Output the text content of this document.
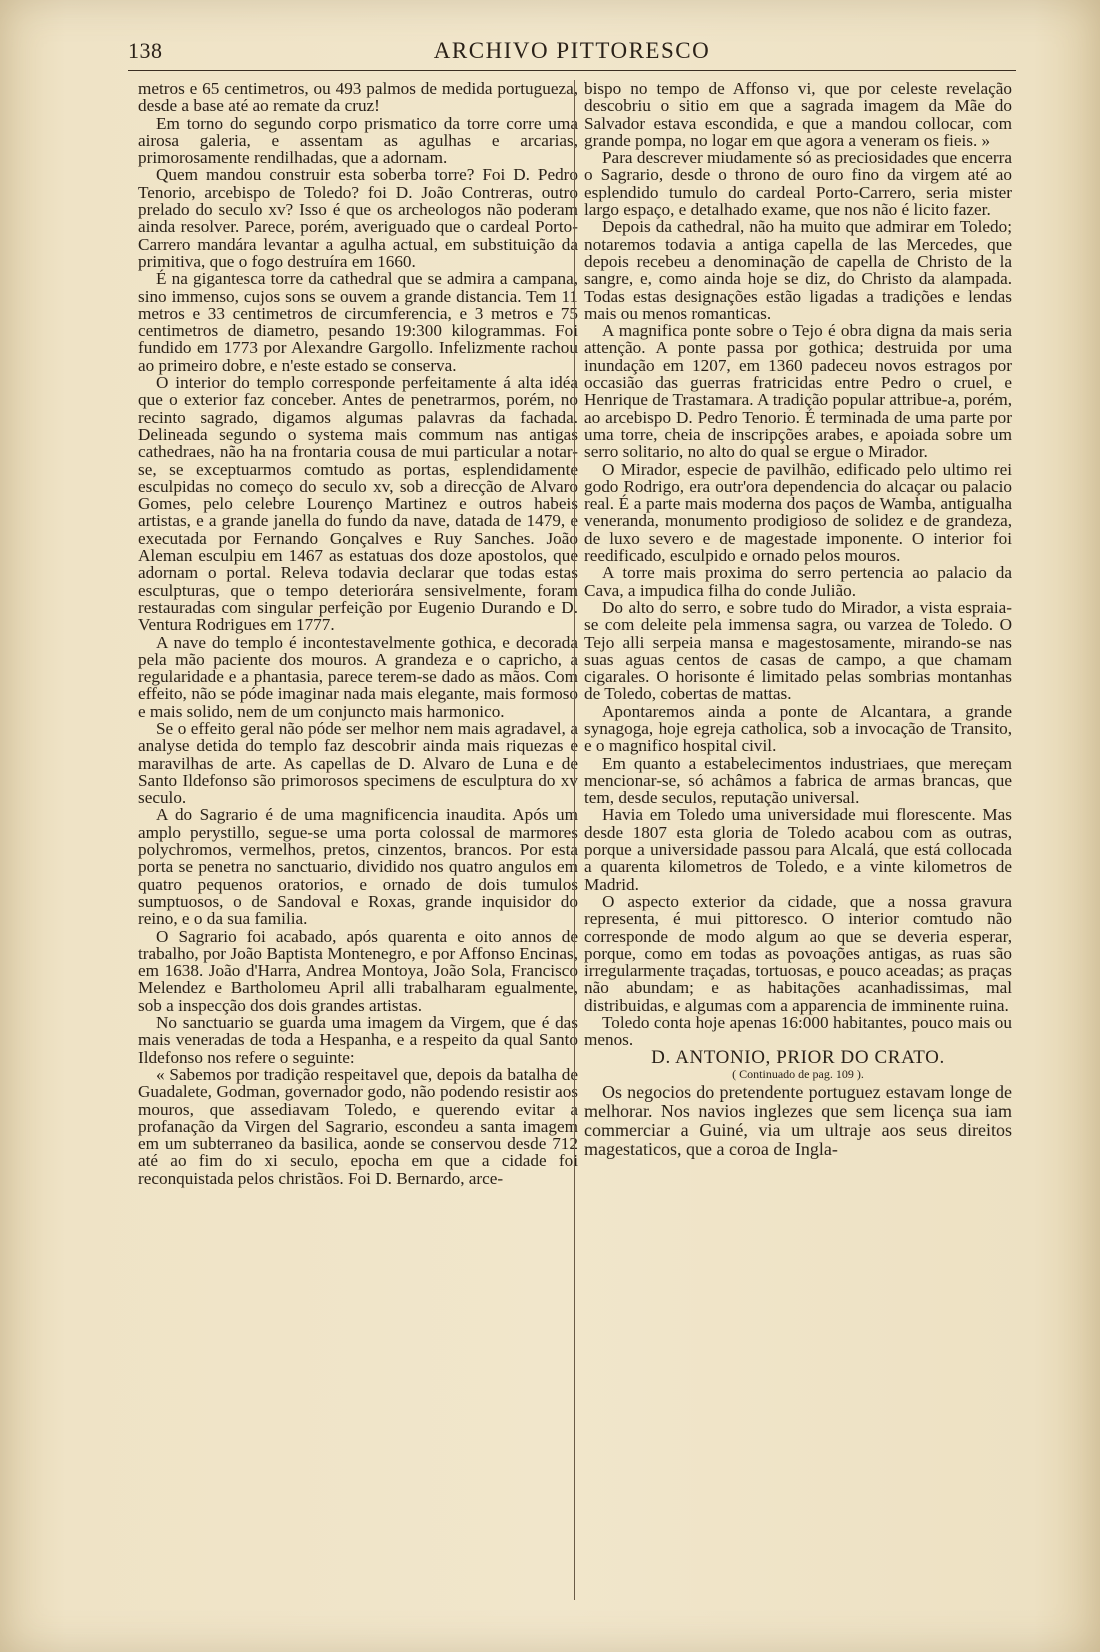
138	ARCHIVO PITTORESCO

metros e 65 centimetros, ou 493 palmos de medida portugueza, desde a base até ao remate da cruz!

Em torno do segundo corpo prismatico da torre corre uma airosa galeria, e assentam as agulhas e arcarias, primorosamente rendilhadas, que a adornam.

Quem mandou construir esta soberba torre? Foi D. Pedro Tenorio, arcebispo de Toledo? foi D. João Contreras, outro prelado do seculo xv? Isso é que os archeologos não poderam ainda resolver. Parece, porém, averiguado que o cardeal Porto-Carrero mandára levantar a agulha actual, em substituição da primitiva, que o fogo destruíra em 1660.

É na gigantesca torre da cathedral que se admira a campana, sino immenso, cujos sons se ouvem a grande distancia. Tem 11 metros e 33 centimetros de circumferencia, e 3 metros e 75 centimetros de diametro, pesando 19:300 kilogrammas. Foi fundido em 1773 por Alexandre Gargollo. Infelizmente rachou ao primeiro dobre, e n'este estado se conserva.

O interior do templo corresponde perfeitamente á alta idéa que o exterior faz conceber. Antes de penetrarmos, porém, no recinto sagrado, digamos algumas palavras da fachada. Delineada segundo o systema mais commum nas antigas cathedraes, não ha na frontaria cousa de mui particular a notar-se, se exceptuarmos comtudo as portas, esplendidamente esculpidas no começo do seculo xv, sob a direcção de Alvaro Gomes, pelo celebre Lourenço Martinez e outros habeis artistas, e a grande janella do fundo da nave, datada de 1479, e executada por Fernando Gonçalves e Ruy Sanches. João Aleman esculpiu em 1467 as estatuas dos doze apostolos, que adornam o portal. Releva todavia declarar que todas estas esculpturas, que o tempo deteriorára sensivelmente, foram restauradas com singular perfeição por Eugenio Durando e D. Ventura Rodrigues em 1777.

A nave do templo é incontestavelmente gothica, e decorada pela mão paciente dos mouros. A grandeza e o capricho, a regularidade e a phantasia, parece terem-se dado as mãos. Com effeito, não se póde imaginar nada mais elegante, mais formoso e mais solido, nem de um conjuncto mais harmonico.

Se o effeito geral não póde ser melhor nem mais agradavel, a analyse detida do templo faz descobrir ainda mais riquezas e maravilhas de arte. As capellas de D. Alvaro de Luna e de Santo Ildefonso são primorosos specimens de esculptura do xv seculo.

A do Sagrario é de uma magnificencia inaudita. Após um amplo perystillo, segue-se uma porta colossal de marmores polychromos, vermelhos, pretos, cinzentos, brancos. Por esta porta se penetra no sanctuario, dividido nos quatro angulos em quatro pequenos oratorios, e ornado de dois tumulos sumptuosos, o de Sandoval e Roxas, grande inquisidor do reino, e o da sua familia.

O Sagrario foi acabado, após quarenta e oito annos de trabalho, por João Baptista Montenegro, e por Affonso Encinas, em 1638. João d'Harra, Andrea Montoya, João Sola, Francisco Melendez e Bartholomeu April alli trabalharam egualmente, sob a inspecção dos dois grandes artistas.

No sanctuario se guarda uma imagem da Virgem, que é das mais veneradas de toda a Hespanha, e a respeito da qual Santo Ildefonso nos refere o seguinte:

« Sabemos por tradição respeitavel que, depois da batalha de Guadalete, Godman, governador godo, não podendo resistir aos mouros, que assediavam Toledo, e querendo evitar a profanação da Virgen del Sagrario, escondeu a santa imagem em um subterraneo da basilica, aonde se conservou desde 712 até ao fim do xi seculo, epocha em que a cidade foi reconquistada pelos christãos. Foi D. Bernardo, arce-

bispo no tempo de Affonso vi, que por celeste revelação descobriu o sitio em que a sagrada imagem da Mãe do Salvador estava escondida, e que a mandou collocar, com grande pompa, no logar em que agora a veneram os fieis. »

Para descrever miudamente só as preciosidades que encerra o Sagrario, desde o throno de ouro fino da virgem até ao esplendido tumulo do cardeal Porto-Carrero, seria mister largo espaço, e detalhado exame, que nos não é licito fazer.

Depois da cathedral, não ha muito que admirar em Toledo; notaremos todavia a antiga capella de las Mercedes, que depois recebeu a denominação de capella de Christo de la sangre, e, como ainda hoje se diz, do Christo da alampada. Todas estas designações estão ligadas a tradições e lendas mais ou menos romanticas.

A magnifica ponte sobre o Tejo é obra digna da mais seria attenção. A ponte passa por gothica; destruida por uma inundação em 1207, em 1360 padeceu novos estragos por occasião das guerras fratricidas entre Pedro o cruel, e Henrique de Trastamara. A tradição popular attribue-a, porém, ao arcebispo D. Pedro Tenorio. É terminada de uma parte por uma torre, cheia de inscripções arabes, e apoiada sobre um serro solitario, no alto do qual se ergue o Mirador.

O Mirador, especie de pavilhão, edificado pelo ultimo rei godo Rodrigo, era outr'ora dependencia do alcaçar ou palacio real. É a parte mais moderna dos paços de Wamba, antigualha veneranda, monumento prodigioso de solidez e de grandeza, de luxo severo e de magestade imponente. O interior foi reedificado, esculpido e ornado pelos mouros.

A torre mais proxima do serro pertencia ao palacio da Cava, a impudica filha do conde Julião.

Do alto do serro, e sobre tudo do Mirador, a vista espraia-se com deleite pela immensa sagra, ou varzea de Toledo. O Tejo alli serpeia mansa e magestosamente, mirando-se nas suas aguas centos de casas de campo, a que chamam cigarales. O horisonte é limitado pelas sombrias montanhas de Toledo, cobertas de mattas.

Apontaremos ainda a ponte de Alcantara, a grande synagoga, hoje egreja catholica, sob a invocação de Transito, e o magnifico hospital civil.

Em quanto a estabelecimentos industriaes, que mereçam mencionar-se, só achâmos a fabrica de armas brancas, que tem, desde seculos, reputação universal.

Havia em Toledo uma universidade mui florescente. Mas desde 1807 esta gloria de Toledo acabou com as outras, porque a universidade passou para Alcalá, que está collocada a quarenta kilometros de Toledo, e a vinte kilometros de Madrid.

O aspecto exterior da cidade, que a nossa gravura representa, é mui pittoresco. O interior comtudo não corresponde de modo algum ao que se deveria esperar, porque, como em todas as povoações antigas, as ruas são irregularmente traçadas, tortuosas, e pouco aceadas; as praças não abundam; e as habitações acanhadissimas, mal distribuidas, e algumas com a apparencia de imminente ruina.

Toledo conta hoje apenas 16:000 habitantes, pouco mais ou menos.

D. ANTONIO, PRIOR DO CRATO.

( Continuado de pag. 109 ).

Os negocios do pretendente portuguez estavam longe de melhorar. Nos navios inglezes que sem licença sua iam commerciar a Guiné, via um ultraje aos seus direitos magestaticos, que a coroa de Ingla-
